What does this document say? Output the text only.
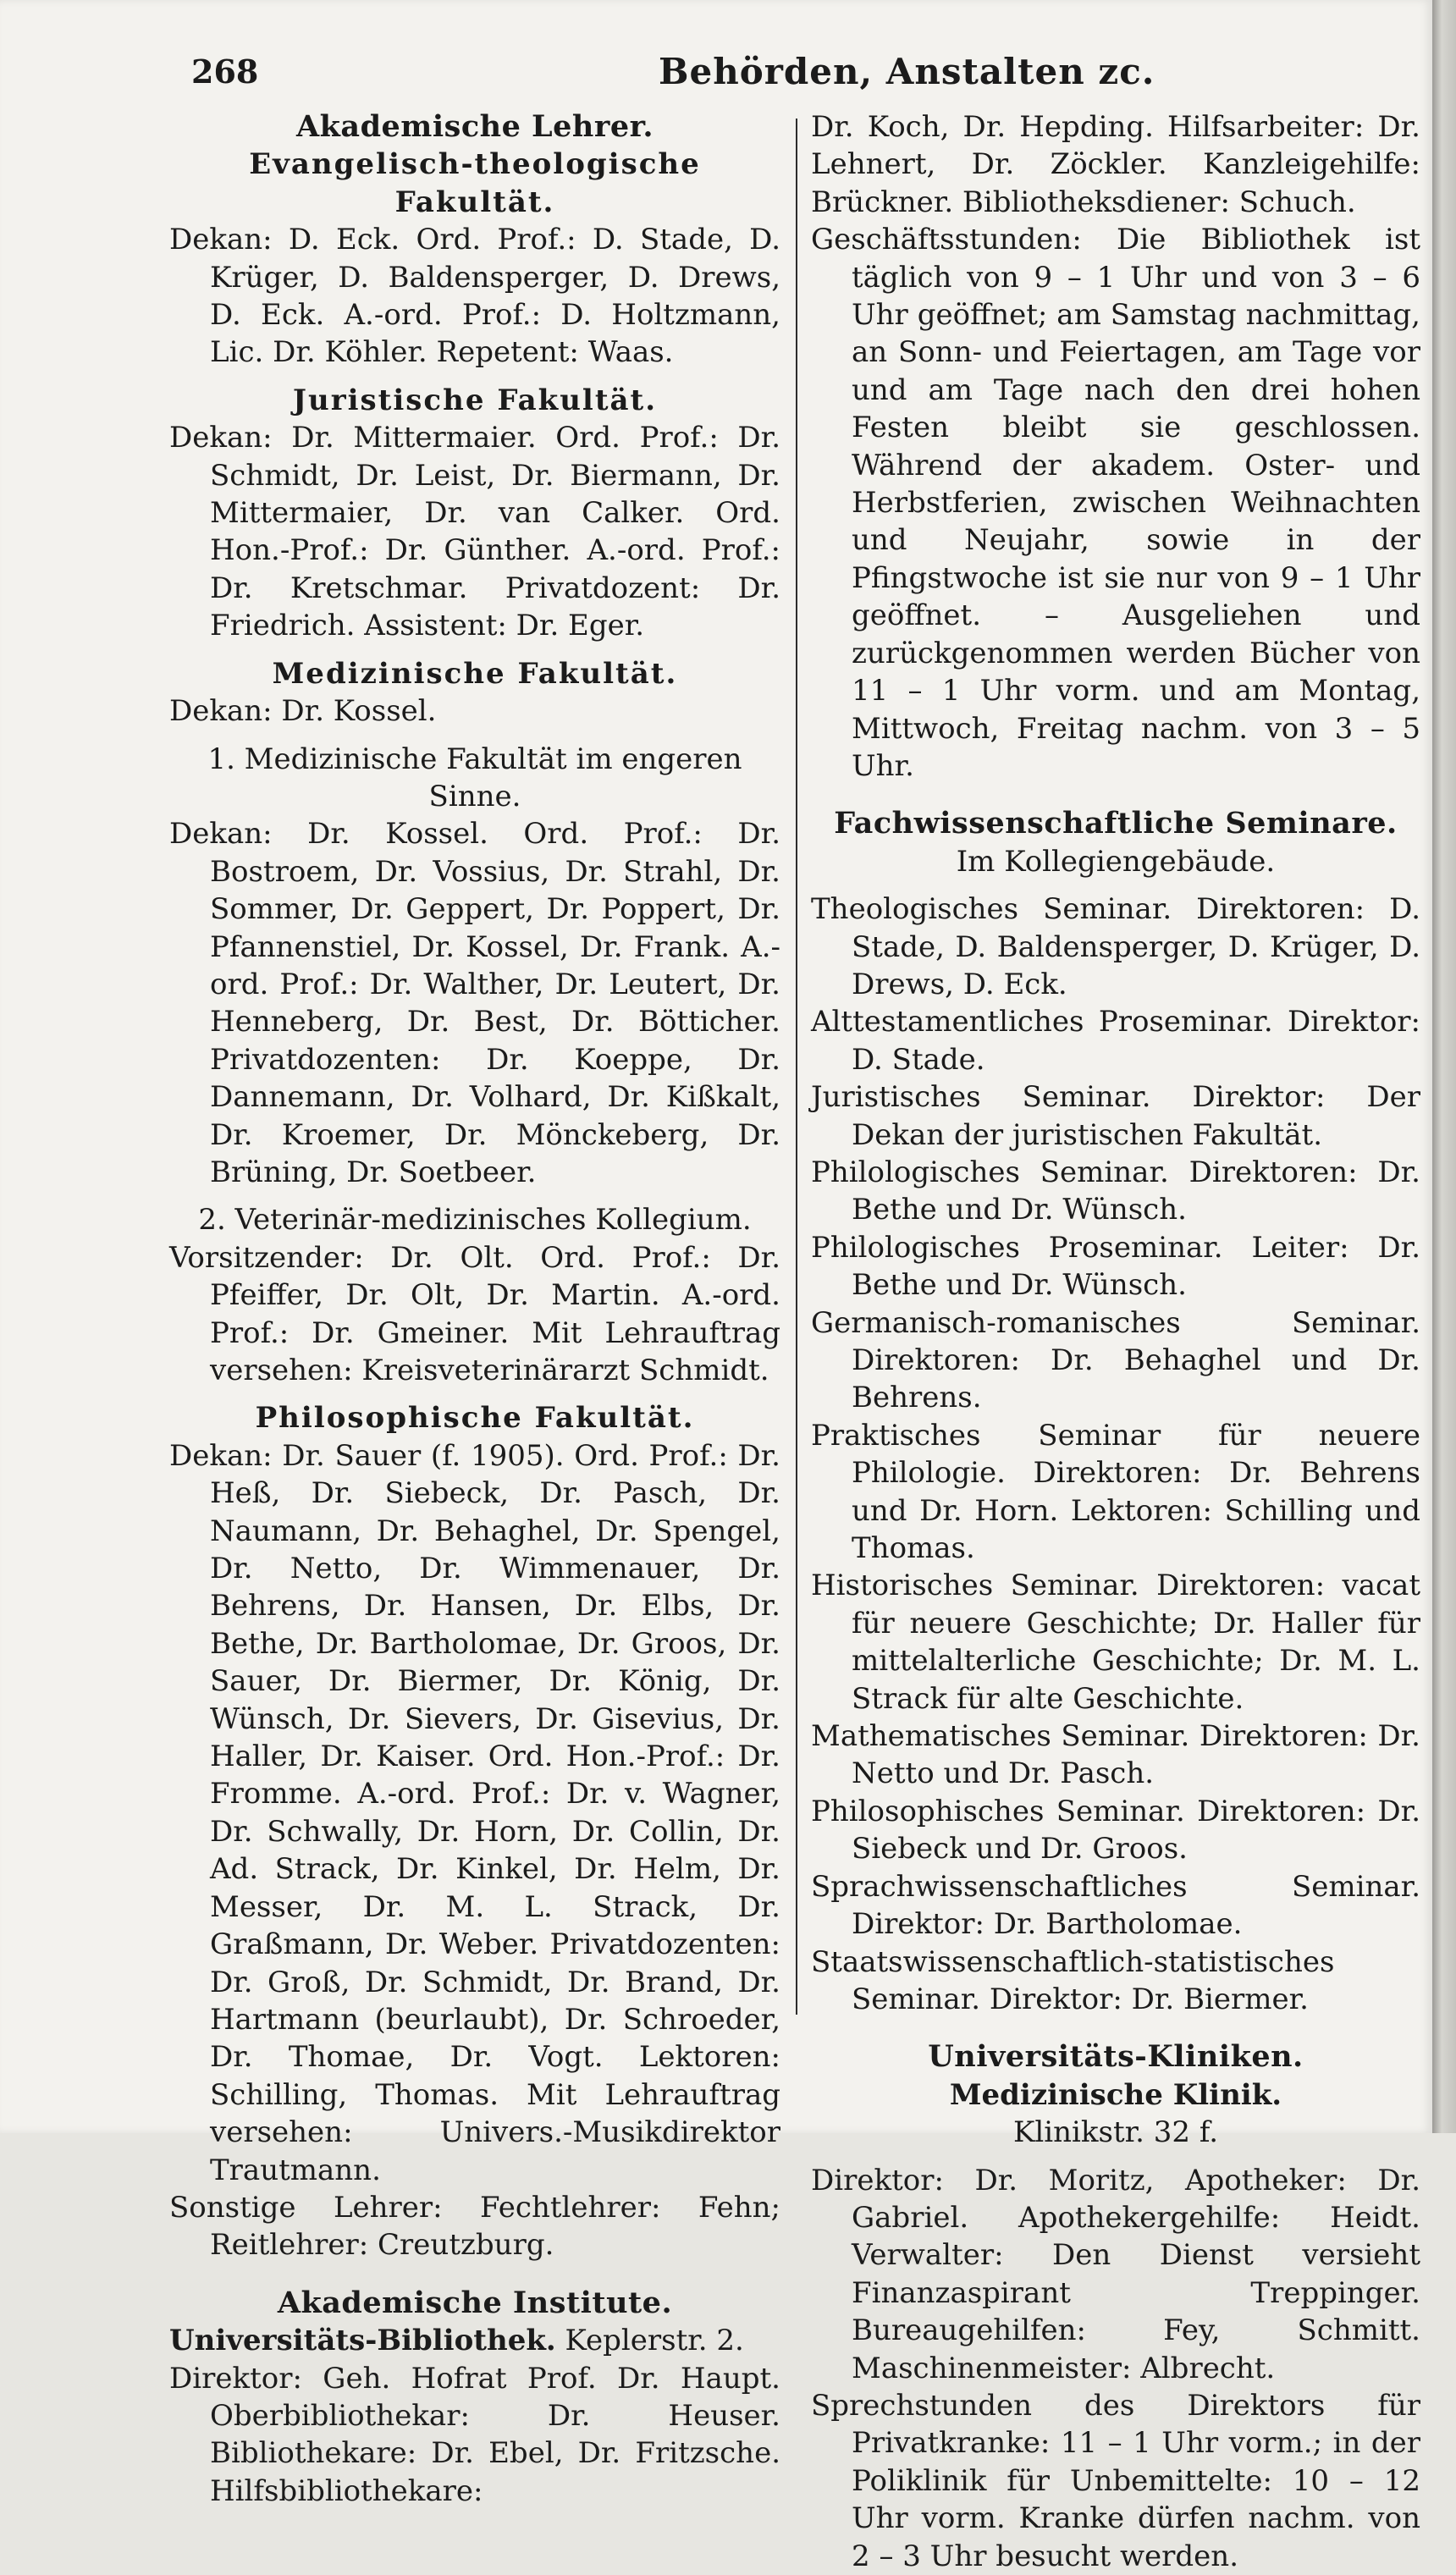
268	Behörden, Anstalten zc.

Akademische Lehrer.

Evangelisch-theologische Fakultät.

Dekan: D. Eck. Ord. Prof.: D. Stade, D. Krüger, D. Baldensperger, D. Drews, D. Eck. A.-ord. Prof.: D. Holtzmann, Lic. Dr. Köhler. Repetent: Waas.

Juristische Fakultät.

Dekan: Dr. Mittermaier. Ord. Prof.: Dr. Schmidt, Dr. Leist, Dr. Biermann, Dr. Mittermaier, Dr. van Calker. Ord. Hon.-Prof.: Dr. Günther. A.-ord. Prof.: Dr. Kretschmar. Privatdozent: Dr. Friedrich. Assistent: Dr. Eger.

Medizinische Fakultät.

Dekan: Dr. Kossel.

1. Medizinische Fakultät im engeren Sinne.

Dekan: Dr. Kossel. Ord. Prof.: Dr. Bostroem, Dr. Vossius, Dr. Strahl, Dr. Sommer, Dr. Geppert, Dr. Poppert, Dr. Pfannenstiel, Dr. Kossel, Dr. Frank. A.-ord. Prof.: Dr. Walther, Dr. Leutert, Dr. Henneberg, Dr. Best, Dr. Bötticher. Privatdozenten: Dr. Koeppe, Dr. Dannemann, Dr. Volhard, Dr. Kißkalt, Dr. Kroemer, Dr. Mönckeberg, Dr. Brüning, Dr. Soetbeer.

2. Veterinär-medizinisches Kollegium.

Vorsitzender: Dr. Olt. Ord. Prof.: Dr. Pfeiffer, Dr. Olt, Dr. Martin. A.-ord. Prof.: Dr. Gmeiner. Mit Lehrauftrag versehen: Kreisveterinärarzt Schmidt.

Philosophische Fakultät.

Dekan: Dr. Sauer (f. 1905). Ord. Prof.: Dr. Heß, Dr. Siebeck, Dr. Pasch, Dr. Naumann, Dr. Behaghel, Dr. Spengel, Dr. Netto, Dr. Wimmenauer, Dr. Behrens, Dr. Hansen, Dr. Elbs, Dr. Bethe, Dr. Bartholomae, Dr. Groos, Dr. Sauer, Dr. Biermer, Dr. König, Dr. Wünsch, Dr. Sievers, Dr. Gisevius, Dr. Haller, Dr. Kaiser. Ord. Hon.-Prof.: Dr. Fromme. A.-ord. Prof.: Dr. v. Wagner, Dr. Schwally, Dr. Horn, Dr. Collin, Dr. Ad. Strack, Dr. Kinkel, Dr. Helm, Dr. Messer, Dr. M. L. Strack, Dr. Graßmann, Dr. Weber. Privatdozenten: Dr. Groß, Dr. Schmidt, Dr. Brand, Dr. Hartmann (beurlaubt), Dr. Schroeder, Dr. Thomae, Dr. Vogt. Lektoren: Schilling, Thomas. Mit Lehrauftrag versehen: Univers.-Musikdirektor Trautmann.

Sonstige Lehrer: Fechtlehrer: Fehn; Reitlehrer: Creutzburg.

Akademische Institute.

Universitäts-Bibliothek. Keplerstr. 2.

Direktor: Geh. Hofrat Prof. Dr. Haupt. Oberbibliothekar: Dr. Heuser. Bibliothekare: Dr. Ebel, Dr. Fritzsche. Hilfsbibliothekare:

Dr. Koch, Dr. Hepding. Hilfsarbeiter: Dr. Lehnert, Dr. Zöckler. Kanzleigehilfe: Brückner. Bibliotheksdiener: Schuch.

Geschäftsstunden: Die Bibliothek ist täglich von 9 – 1 Uhr und von 3 – 6 Uhr geöffnet; am Samstag nachmittag, an Sonn- und Feiertagen, am Tage vor und am Tage nach den drei hohen Festen bleibt sie geschlossen. Während der akadem. Oster- und Herbstferien, zwischen Weihnachten und Neujahr, sowie in der Pfingstwoche ist sie nur von 9 – 1 Uhr geöffnet. – Ausgeliehen und zurückgenommen werden Bücher von 11 – 1 Uhr vorm. und am Montag, Mittwoch, Freitag nachm. von 3 – 5 Uhr.

Fachwissenschaftliche Seminare.

Im Kollegiengebäude.

Theologisches Seminar. Direktoren: D. Stade, D. Baldensperger, D. Krüger, D. Drews, D. Eck.

Alttestamentliches Proseminar. Direktor: D. Stade.

Juristisches Seminar. Direktor: Der Dekan der juristischen Fakultät.

Philologisches Seminar. Direktoren: Dr. Bethe und Dr. Wünsch.

Philologisches Proseminar. Leiter: Dr. Bethe und Dr. Wünsch.

Germanisch-romanisches Seminar. Direktoren: Dr. Behaghel und Dr. Behrens.

Praktisches Seminar für neuere Philologie. Direktoren: Dr. Behrens und Dr. Horn. Lektoren: Schilling und Thomas.

Historisches Seminar. Direktoren: vacat für neuere Geschichte; Dr. Haller für mittelalterliche Geschichte; Dr. M. L. Strack für alte Geschichte.

Mathematisches Seminar. Direktoren: Dr. Netto und Dr. Pasch.

Philosophisches Seminar. Direktoren: Dr. Siebeck und Dr. Groos.

Sprachwissenschaftliches Seminar. Direktor: Dr. Bartholomae.

Staatswissenschaftlich-statistisches Seminar. Direktor: Dr. Biermer.

Universitäts-Kliniken.

Medizinische Klinik.

Klinikstr. 32 f.

Direktor: Dr. Moritz, Apotheker: Dr. Gabriel. Apothekergehilfe: Heidt. Verwalter: Den Dienst versieht Finanzaspirant Treppinger. Bureaugehilfen: Fey, Schmitt. Maschinenmeister: Albrecht.

Sprechstunden des Direktors für Privatkranke: 11 – 1 Uhr vorm.; in der Poliklinik für Unbemittelte: 10 – 12 Uhr vorm. Kranke dürfen nachm. von 2 – 3 Uhr besucht werden.
